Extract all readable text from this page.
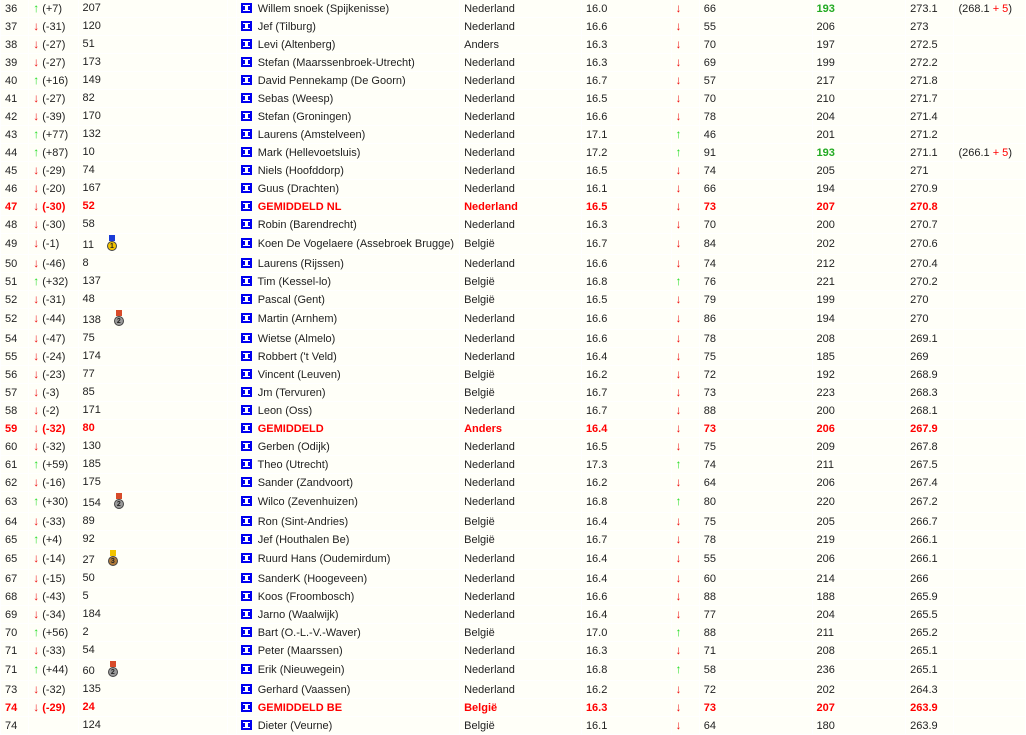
36	↑ (+7)	207		Willem snoek (Spijkenisse)	Nederland	16.0	↓	66	193	273.1	(268.1 + 5)
37	↓ (-31)	120		Jef (Tilburg)	Nederland	16.6	↓	55	206	273	
38	↓ (-27)	51		Levi (Altenberg)	Anders	16.3	↓	70	197	272.5	
39	↓ (-27)	173		Stefan (Maarssenbroek-Utrecht)	Nederland	16.3	↓	69	199	272.2	
40	↑ (+16)	149		David Pennekamp (De Goorn)	Nederland	16.7	↓	57	217	271.8	
41	↓ (-27)	82		Sebas (Weesp)	Nederland	16.5	↓	70	210	271.7	
42	↓ (-39)	170		Stefan (Groningen)	Nederland	16.6	↓	78	204	271.4	
43	↑ (+77)	132		Laurens (Amstelveen)	Nederland	17.1	↑	46	201	271.2	
44	↑ (+87)	10		Mark (Hellevoetsluis)	Nederland	17.2	↑	91	193	271.1	(266.1 + 5)
45	↓ (-29)	74		Niels (Hoofddorp)	Nederland	16.5	↓	74	205	271	
46	↓ (-20)	167		Guus (Drachten)	Nederland	16.1	↓	66	194	270.9	
47	↓ (-30)	52		GEMIDDELD NL	Nederland	16.5	↓	73	207	270.8	
48	↓ (-30)	58		Robin (Barendrecht)	Nederland	16.3	↓	70	200	270.7	
49	↓ (-1)	11 1		Koen De Vogelaere (Assebroek Brugge)	België	16.7	↓	84	202	270.6	
50	↓ (-46)	8		Laurens (Rijssen)	Nederland	16.6	↓	74	212	270.4	
51	↑ (+32)	137		Tim (Kessel-lo)	België	16.8	↑	76	221	270.2	
52	↓ (-31)	48		Pascal (Gent)	België	16.5	↓	79	199	270	
52	↓ (-44)	138 2		Martin (Arnhem)	Nederland	16.6	↓	86	194	270	
54	↓ (-47)	75		Wietse (Almelo)	Nederland	16.6	↓	78	208	269.1	
55	↓ (-24)	174		Robbert ('t Veld)	Nederland	16.4	↓	75	185	269	
56	↓ (-23)	77		Vincent (Leuven)	België	16.2	↓	72	192	268.9	
57	↓ (-3)	85		Jm (Tervuren)	België	16.7	↓	73	223	268.3	
58	↓ (-2)	171		Leon (Oss)	Nederland	16.7	↓	88	200	268.1	
59	↓ (-32)	80		GEMIDDELD	Anders	16.4	↓	73	206	267.9	
60	↓ (-32)	130		Gerben (Odijk)	Nederland	16.5	↓	75	209	267.8	
61	↑ (+59)	185		Theo (Utrecht)	Nederland	17.3	↑	74	211	267.5	
62	↓ (-16)	175		Sander (Zandvoort)	Nederland	16.2	↓	64	206	267.4	
63	↑ (+30)	154 2		Wilco (Zevenhuizen)	Nederland	16.8	↑	80	220	267.2	
64	↓ (-33)	89		Ron (Sint-Andries)	België	16.4	↓	75	205	266.7	
65	↑ (+4)	92		Jef (Houthalen Be)	België	16.7	↓	78	219	266.1	
65	↓ (-14)	27 3		Ruurd Hans (Oudemirdum)	Nederland	16.4	↓	55	206	266.1	
67	↓ (-15)	50		SanderK (Hoogeveen)	Nederland	16.4	↓	60	214	266	
68	↓ (-43)	5		Koos (Froombosch)	Nederland	16.6	↓	88	188	265.9	
69	↓ (-34)	184		Jarno (Waalwijk)	Nederland	16.4	↓	77	204	265.5	
70	↑ (+56)	2		Bart (O.-L.-V.-Waver)	België	17.0	↑	88	211	265.2	
71	↓ (-33)	54		Peter (Maarssen)	Nederland	16.3	↓	71	208	265.1	
71	↑ (+44)	60 2		Erik (Nieuwegein)	Nederland	16.8	↑	58	236	265.1	
73	↓ (-32)	135		Gerhard (Vaassen)	Nederland	16.2	↓	72	202	264.3	
74	↓ (-29)	24		GEMIDDELD BE	België	16.3	↓	73	207	263.9	
74		124		Dieter (Veurne)	België	16.1	↓	64	180	263.9	
